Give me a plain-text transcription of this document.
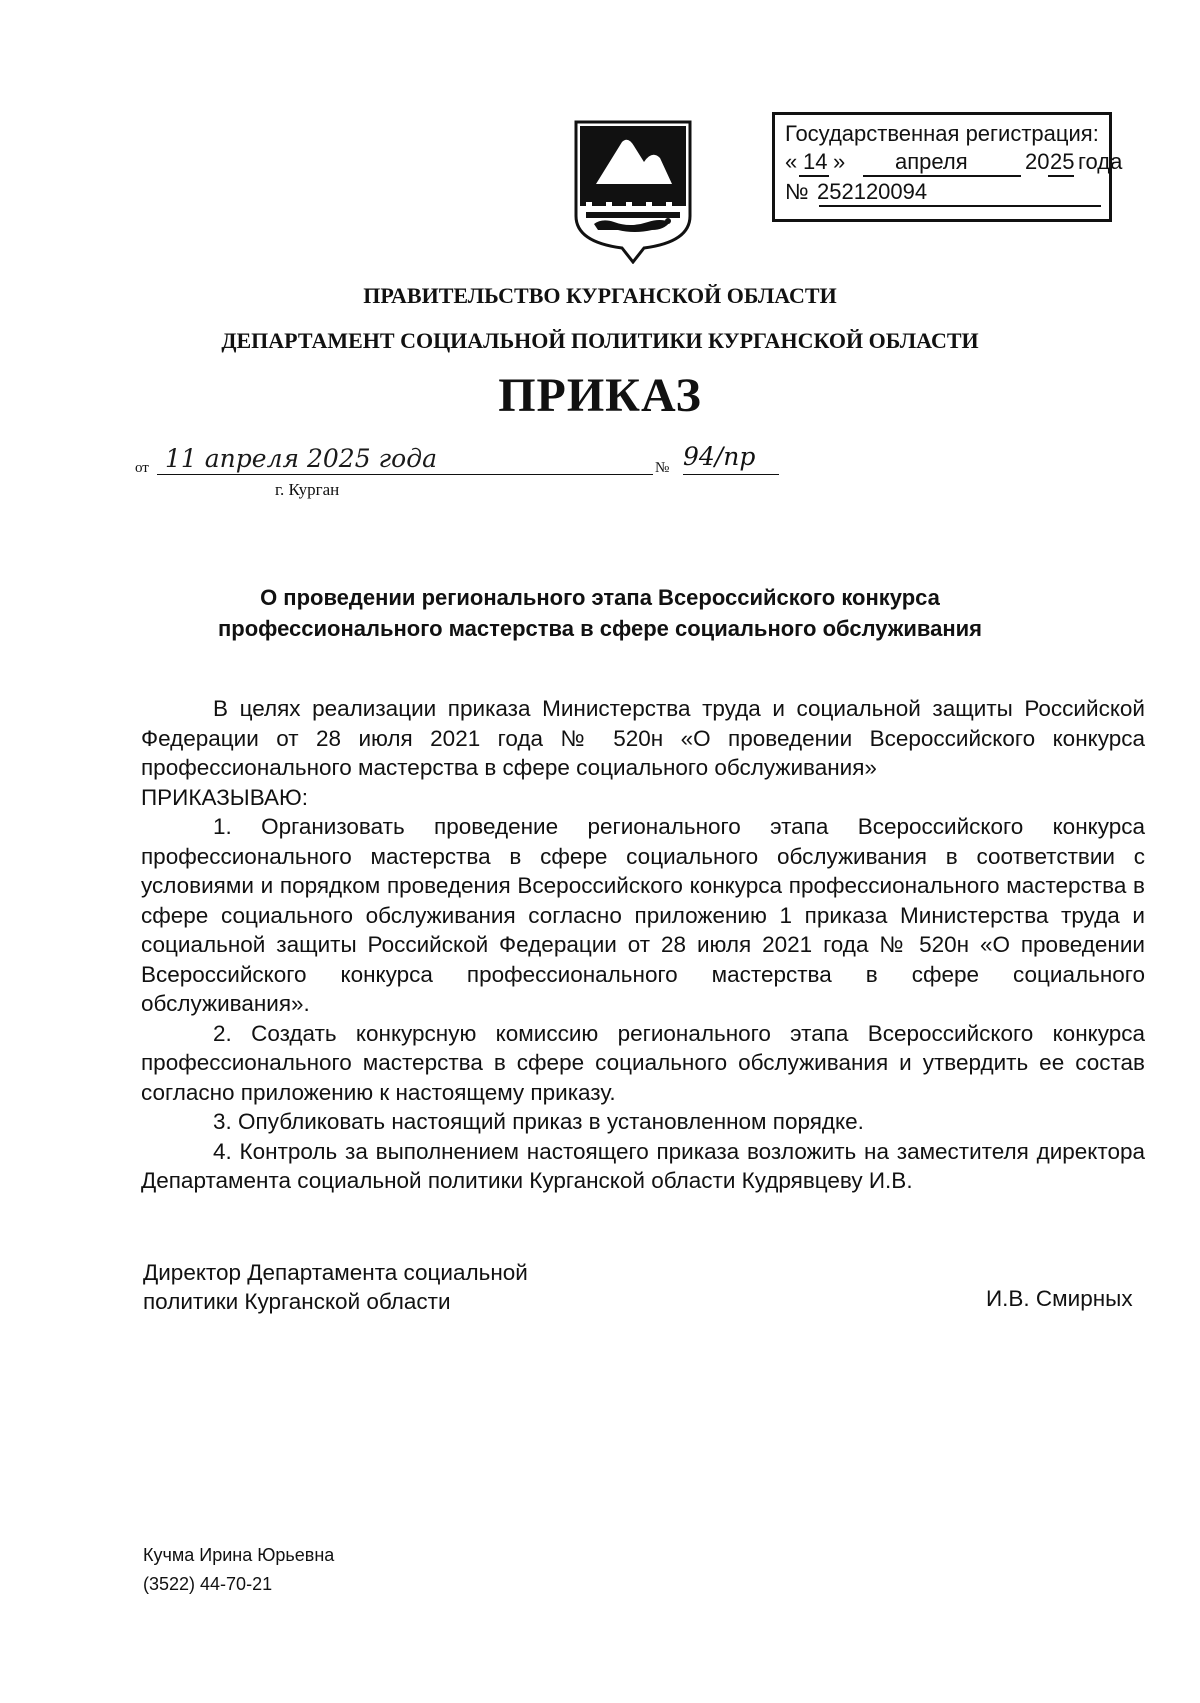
Государственная регистрация:
« 14 » апреля	20 25 года
№ 252120094
ПРАВИТЕЛЬСТВО КУРГАНСКОЙ ОБЛАСТИ
ДЕПАРТАМЕНТ СОЦИАЛЬНОЙ ПОЛИТИКИ КУРГАНСКОЙ ОБЛАСТИ
ПРИКАЗ
от 11 апреля 2025 года	№ 94/пр
г. Курган
О проведении регионального этапа Всероссийского конкурса
профессионального мастерства в сфере социального обслуживания

В целях реализации приказа Министерства труда и социальной защиты Российской Федерации от 28 июля 2021 года № 520н «О проведении Всероссийского конкурса профессионального мастерства в сфере социального обслуживания»

ПРИКАЗЫВАЮ:

1. Организовать проведение регионального этапа Всероссийского конкурса профессионального мастерства в сфере социального обслуживания в соответствии с условиями и порядком проведения Всероссийского конкурса профессионального мастерства в сфере социального обслуживания согласно приложению 1 приказа Министерства труда и социальной защиты Российской Федерации от 28 июля 2021 года № 520н «О проведении Всероссийского конкурса профессионального мастерства в сфере социального обслуживания».

2. Создать конкурсную комиссию регионального этапа Всероссийского конкурса профессионального мастерства в сфере социального обслуживания и утвердить ее состав согласно приложению к настоящему приказу.

3. Опубликовать настоящий приказ в установленном порядке.

4. Контроль за выполнением настоящего приказа возложить на заместителя директора Департамента социальной политики Курганской области Кудрявцеву И.В.

Директор Департамента социальной
политики Курганской области	И.В. Смирных
Кучма Ирина Юрьевна
(3522) 44-70-21
